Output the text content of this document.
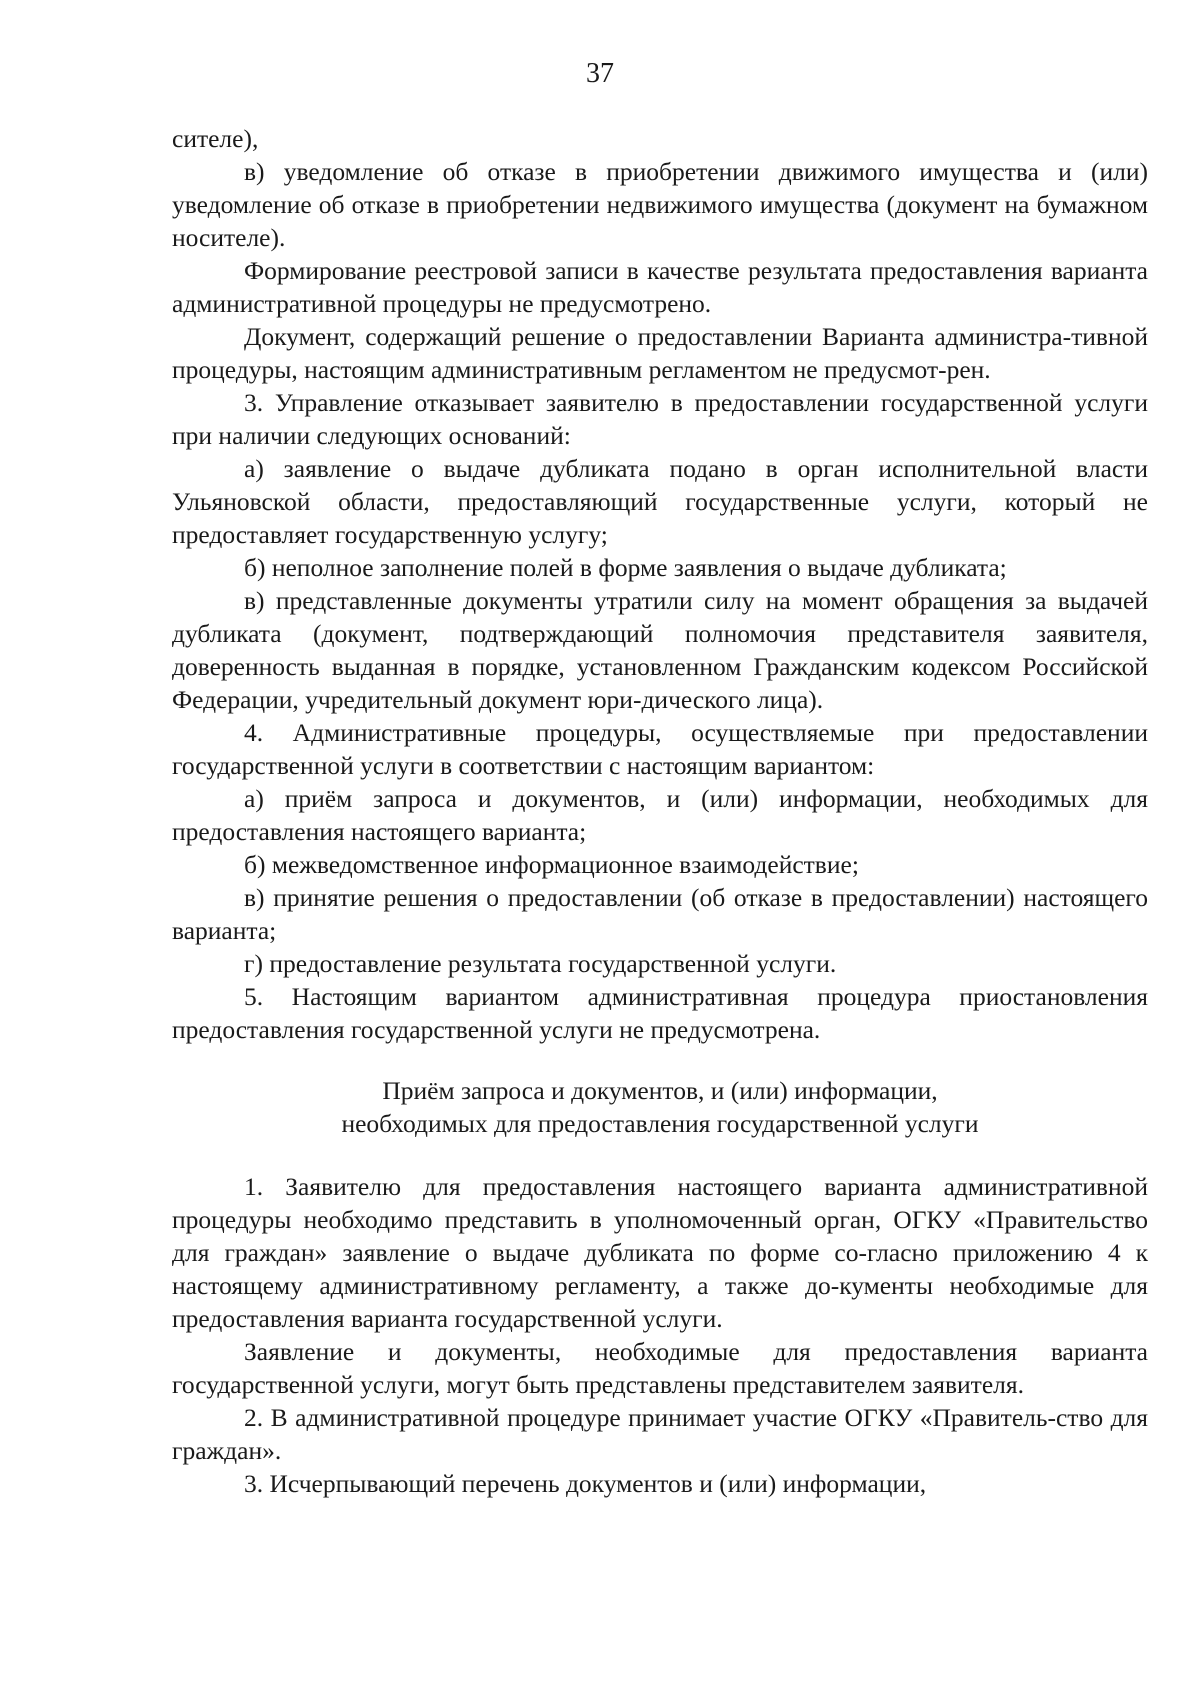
37

сителе),

в) уведомление об отказе в приобретении движимого имущества и (или) уведомление об отказе в приобретении недвижимого имущества (документ на бумажном носителе).

Формирование реестровой записи в качестве результата предоставления варианта административной процедуры не предусмотрено.

Документ, содержащий решение о предоставлении Варианта администра-тивной процедуры, настоящим административным регламентом не предусмот-рен.

3. Управление отказывает заявителю в предоставлении государственной услуги при наличии следующих оснований:

а) заявление о выдаче дубликата подано в орган исполнительной власти Ульяновской области, предоставляющий государственные услуги, который не предоставляет государственную услугу;

б) неполное заполнение полей в форме заявления о выдаче дубликата;

в) представленные документы утратили силу на момент обращения за выдачей дубликата (документ, подтверждающий полномочия представителя заявителя, доверенность выданная в порядке, установленном Гражданским кодексом Российской Федерации, учредительный документ юри-дического лица).

4. Административные процедуры, осуществляемые при предоставлении государственной услуги в соответствии с настоящим вариантом:

а) приём запроса и документов, и (или) информации, необходимых для предоставления настоящего варианта;

б) межведомственное информационное взаимодействие;

в) принятие решения о предоставлении (об отказе в предоставлении) настоящего варианта;

г) предоставление результата государственной услуги.

5. Настоящим вариантом административная процедура приостановления предоставления государственной услуги не предусмотрена.

Приём запроса и документов, и (или) информации,
необходимых для предоставления государственной услуги

1. Заявителю для предоставления настоящего варианта административной процедуры необходимо представить в уполномоченный орган, ОГКУ «Правительство для граждан» заявление о выдаче дубликата по форме со-гласно приложению 4 к настоящему административному регламенту, а также до-кументы необходимые для предоставления варианта государственной услуги.

Заявление и документы, необходимые для предоставления варианта государственной услуги, могут быть представлены представителем заявителя.

2. В административной процедуре принимает участие ОГКУ «Правитель-ство для граждан».

3. Исчерпывающий перечень документов и (или) информации,
